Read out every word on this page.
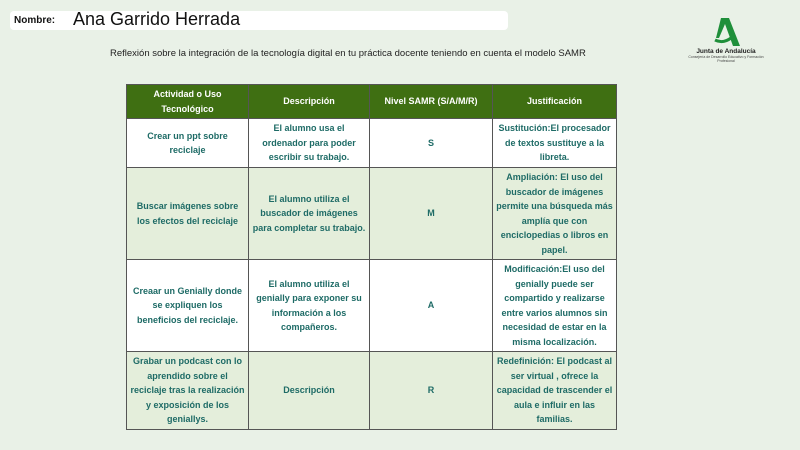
Nombre: Ana Garrido Herrada
Reflexión sobre la integración de la tecnología digital en tu práctica docente teniendo en cuenta el modelo SAMR	Junta de Andalucía
Consejería de Desarrollo Educativo y Formación Profesional
Actividad o Uso Tecnológico	Descripción	Nivel SAMR (S/A/M/R)	Justificación
Crear un ppt sobre reciclaje	El alumno usa el ordenador para poder escribir su trabajo.	S	Sustitución:El procesador de textos sustituye a la libreta.
Buscar imágenes sobre los efectos del reciclaje	El alumno utiliza el buscador de imágenes para completar su trabajo.	M	Ampliación: El uso del buscador de imágenes permite una búsqueda más amplía que con enciclopedias o libros en papel.
Creaar un Genially donde se expliquen los beneficios del reciclaje.	El alumno utiliza el genially para exponer su información a los compañeros.	A	Modificación:El uso del genially puede ser compartido y realizarse entre varios alumnos sin necesidad de estar en la misma localización.
Grabar un podcast con lo aprendido sobre el reciclaje tras la realización y exposición de los geniallys.	Descripción	R	Redefinición: El podcast al ser virtual , ofrece la capacidad de trascender el aula e influir en las familias.
